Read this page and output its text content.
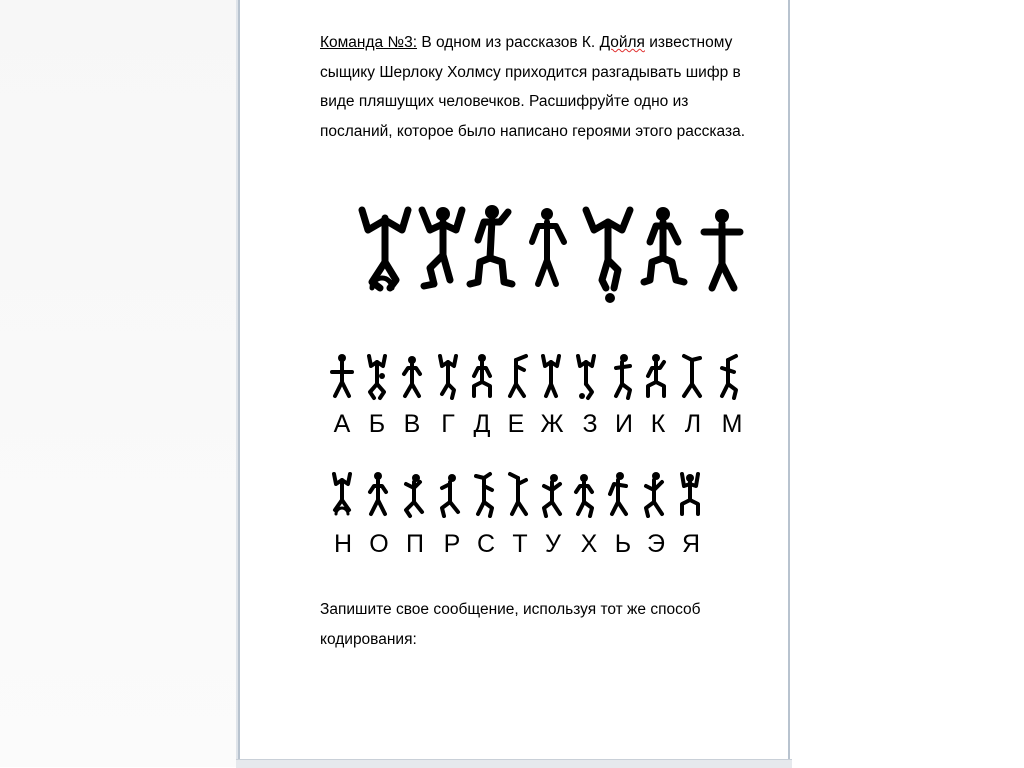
Команда №3: В одном из рассказов К. Дойля известному сыщику Шерлоку Холмсу приходится разгадывать шифр в виде пляшущих человечков. Расшифруйте одно из посланий, которое было написано героями этого рассказа.

А Б В Г Д Е Ж З И К Л М
Н О П Р С Т У Х Ь Э Я

Запишите свое сообщение, используя тот же способ кодирования:
